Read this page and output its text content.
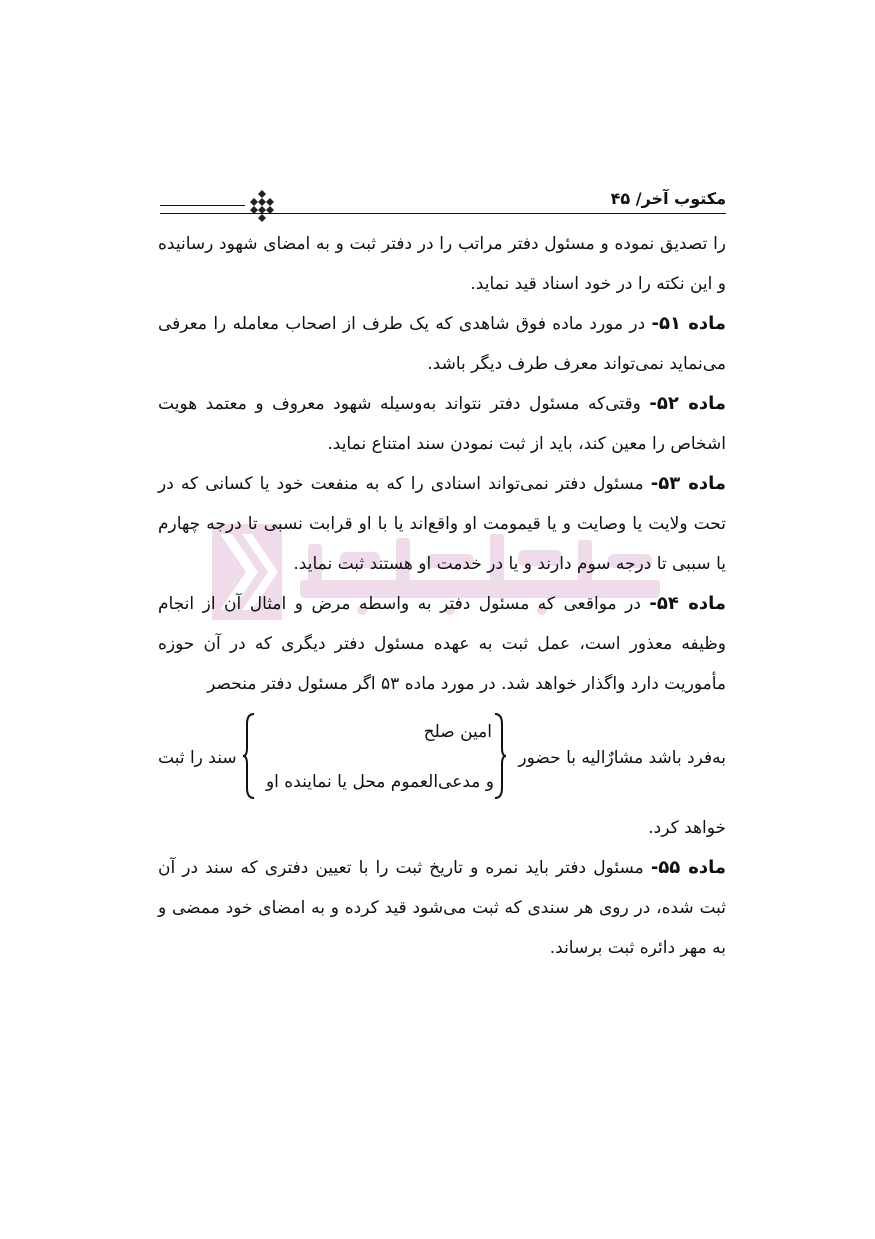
مکتوب آخر/ ۴۵

را تصدیق نموده و مسئول دفتر مراتب را در دفتر ثبت و به امضای شهود رسانیده و این نکته را در خود اسناد قید نماید.

ماده ۵۱- در مورد ماده فوق شاهدی که یک طرف از اصحاب معامله را معرفی می‌نماید نمی‌تواند معرف طرف دیگر باشد.

ماده ۵۲- وقتی‌که مسئول دفتر نتواند به‌وسیله شهود معروف و معتمد هویت اشخاص را معین کند، باید از ثبت نمودن سند امتناع نماید.

ماده ۵۳- مسئول دفتر نمی‌تواند اسنادی را که به منفعت خود یا کسانی که در تحت ولایت یا وصایت و یا قیمومت او واقع‌اند یا با او قرابت نسبی تا درجه چهارم یا سببی تا درجه سوم دارند و یا در خدمت او هستند ثبت نماید.

ماده ۵۴- در مواقعی که مسئول دفتر به واسطه مرض و امثال آن از انجام وظیفه معذور است، عمل ثبت به عهده مسئول دفتر دیگری که در آن حوزه مأموریت دارد واگذار خواهد شد. در مورد ماده ۵۳ اگر مسئول دفتر منحصر

به‌فرد باشد مشارٌالیه با حضور
امین صلح
و مدعی‌العموم محل یا نماینده او
سند را ثبت

خواهد کرد.

ماده ۵۵- مسئول دفتر باید نمره و تاریخ ثبت را با تعیین دفتری که سند در آن ثبت شده، در روی هر سندی که ثبت می‌شود قید کرده و به امضای خود ممضی و به مهر دائره ثبت برساند.
